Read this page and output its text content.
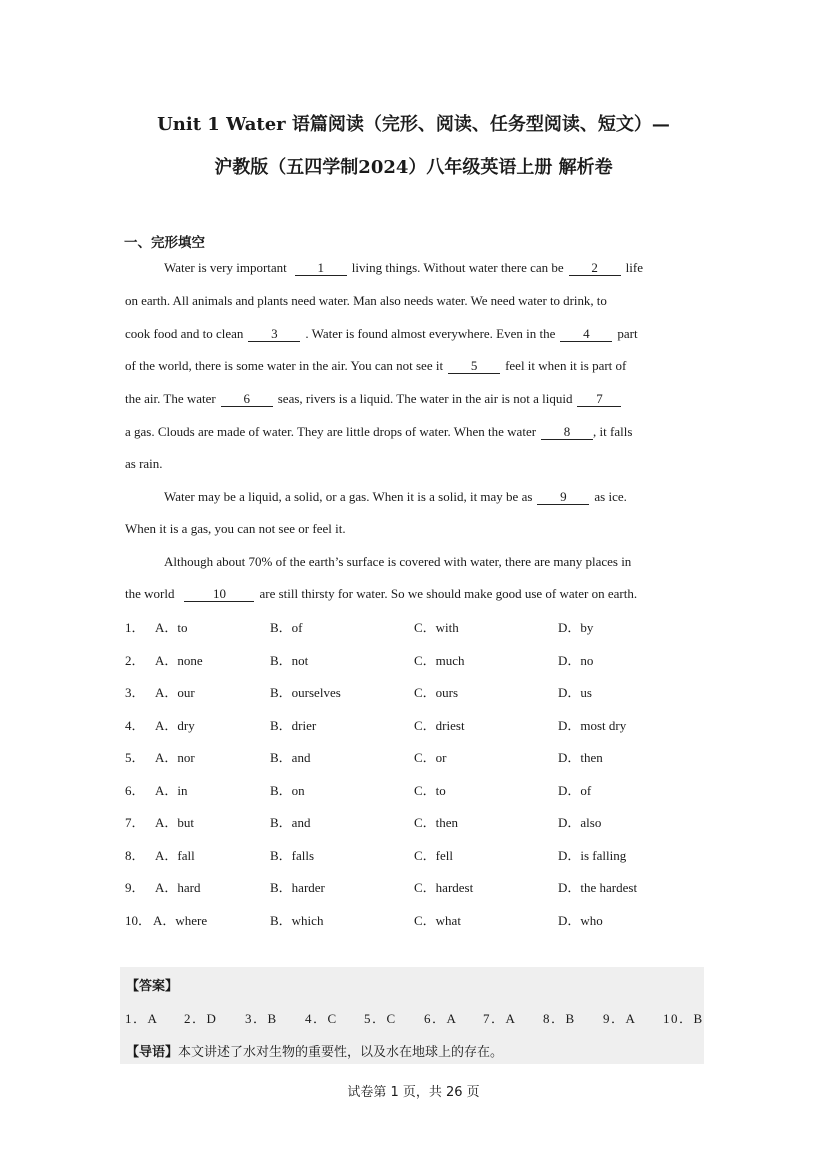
Unit 1 Water 语篇阅读（完形、阅读、任务型阅读、短文）—
沪教版（五四学制2024）八年级英语上册 解析卷
一、完形填空
Water is very important 1 living things. Without water there can be 2 life
on earth. All animals and plants need water. Man also needs water. We need water to drink, to
cook food and to clean 3 . Water is found almost everywhere. Even in the 4 part
of the world, there is some water in the air. You can not see it 5 feel it when it is part of
the air. The water 6 seas, rivers is a liquid. The water in the air is not a liquid 7
a gas. Clouds are made of water. They are little drops of water. When the water 8 , it falls
as rain.
Water may be a liquid, a solid, or a gas. When it is a solid, it may be as 9 as ice.
When it is a gas, you can not see or feel it.
Although about 70% of the earth’s surface is covered with water, there are many places in
the world	10	are still thirsty for water. So we should make good use of water on earth.
1． A．to	B．of	C．with	D．by
2． A．none	B．not	C．much	D．no
3． A．our	B．ourselves	C．ours	D．us
4． A．dry	B．drier	C．driest	D．most dry
5． A．nor	B．and	C．or	D．then
6． A．in	B．on	C．to	D．of
7． A．but	B．and	C．then	D．also
8． A．fall	B．falls	C．fell	D．is falling
9． A．hard	B．harder	C．hardest	D．the hardest
10． A．where	B．which	C．what	D．who
【答案】
1．A 2．D 3．B 4．C 5．C 6．A 7．A 8．B 9．A 10．B
【导语】本文讲述了水对生物的重要性，以及水在地球上的存在。
试卷第 1 页，共 26 页
